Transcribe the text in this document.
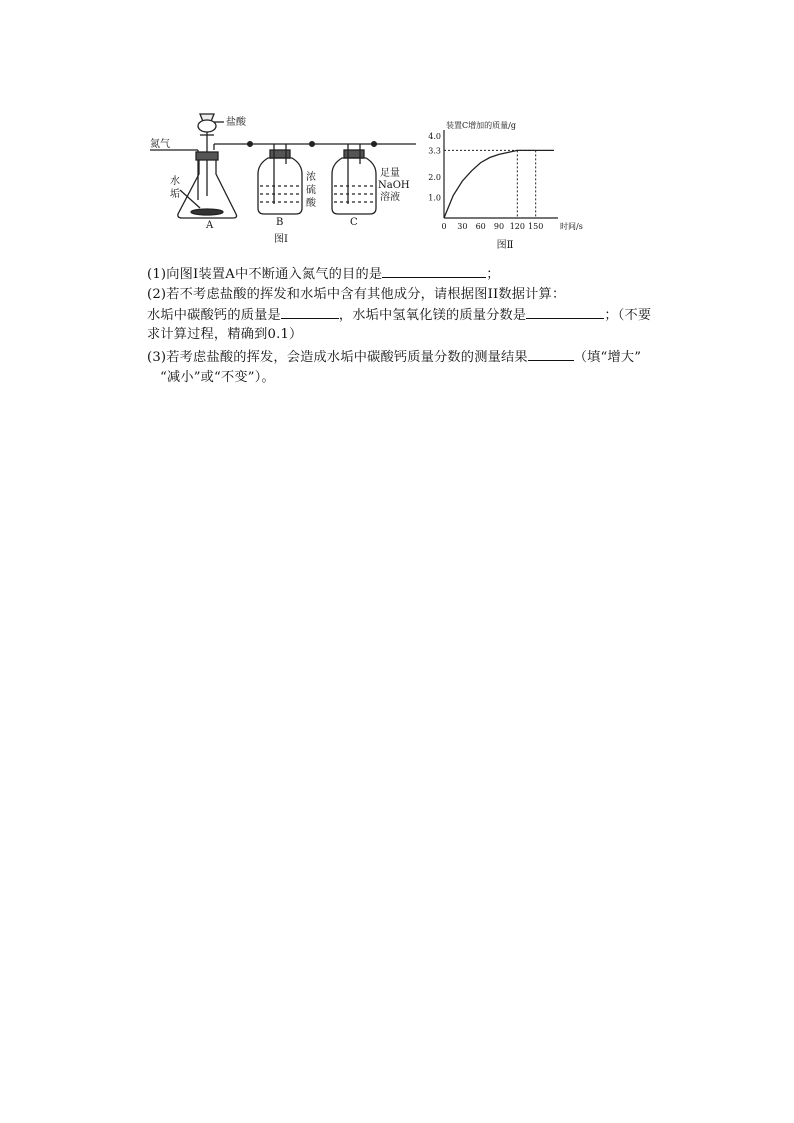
盐酸
氮气
水
垢
A	B	C
浓
硫
酸
足量
NaOH
溶液
图Ⅰ
0 30 60 90 120 150
1.0
2.0
3.3
4.0
装置C增加的质量/g
时间/s
图Ⅱ
(1)向图Ⅰ装置A中不断通入氮气的目的是	；
(2)若不考虑盐酸的挥发和水垢中含有其他成分，请根据图II数据计算：
水垢中碳酸钙的质量是	，水垢中氢氧化镁的质量分数是	；（不要
求计算过程，精确到0.1）
(3)若考虑盐酸的挥发，会造成水垢中碳酸钙质量分数的测量结果	（填“增大”
“减小”或“不变”）。
